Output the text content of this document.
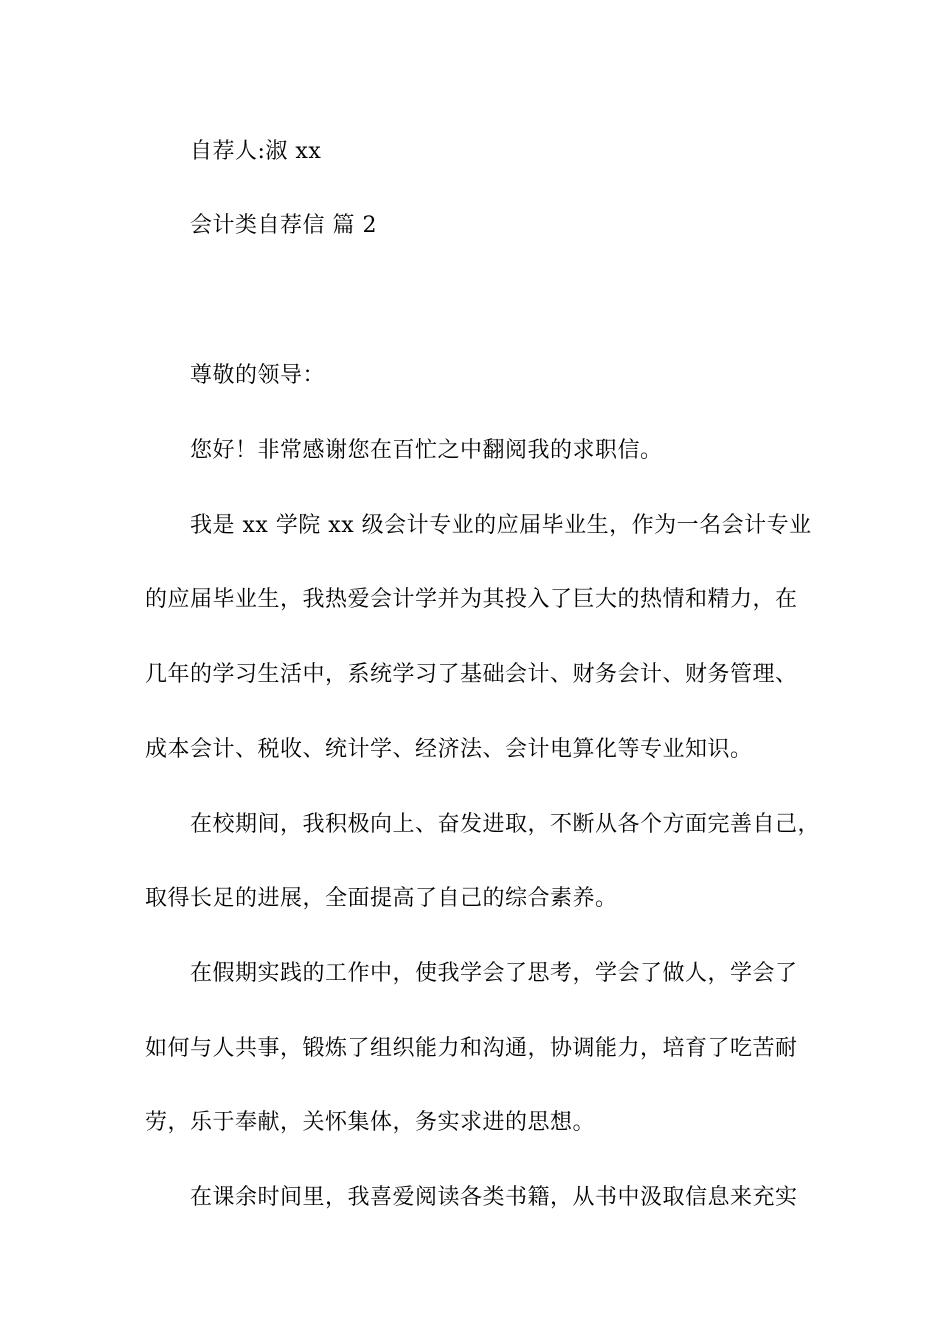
自荐人:淑 xx
会计类自荐信 篇 2
尊敬的领导：
您好！非常感谢您在百忙之中翻阅我的求职信。
我是 xx 学院 xx 级会计专业的应届毕业生，作为一名会计专业
的应届毕业生，我热爱会计学并为其投入了巨大的热情和精力，在
几年的学习生活中，系统学习了基础会计、财务会计、财务管理、
成本会计、税收、统计学、经济法、会计电算化等专业知识。
在校期间，我积极向上、奋发进取，不断从各个方面完善自己，
取得长足的进展，全面提高了自己的综合素养。
在假期实践的工作中，使我学会了思考，学会了做人，学会了
如何与人共事，锻炼了组织能力和沟通，协调能力，培育了吃苦耐
劳，乐于奉献，关怀集体，务实求进的思想。
在课余时间里，我喜爱阅读各类书籍，从书中汲取信息来充实
